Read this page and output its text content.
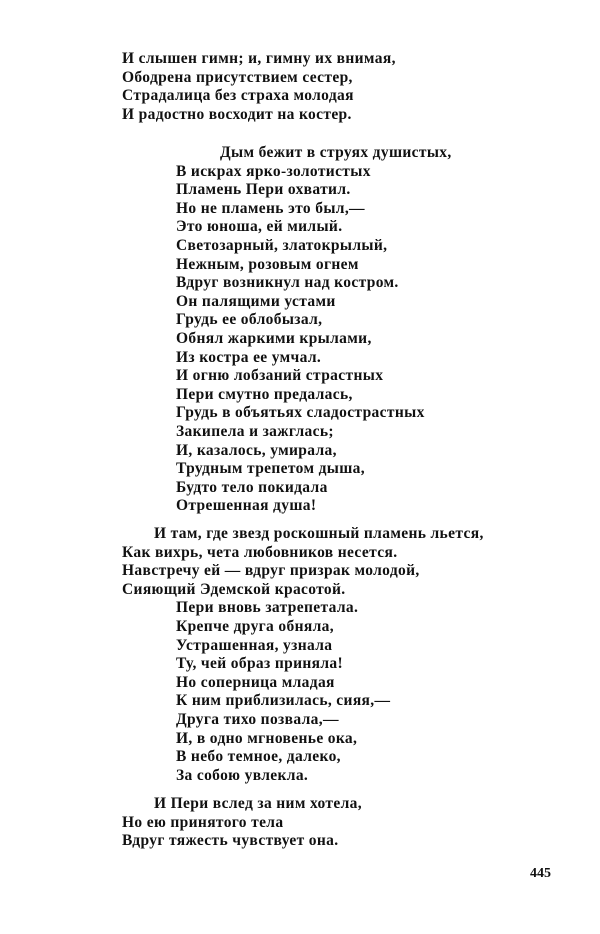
И слышен гимн; и, гимну их внимая,
Ободрена присутствием сестер,
Страдалица без страха молодая
И радостно восходит на костер.
Дым бежит в струях душистых,
В искрах ярко-золотистых
Пламень Пери охватил.
Но не пламень это был,—
Это юноша, ей милый.
Светозарный, златокрылый,
Нежным, розовым огнем
Вдруг возникнул над костром.
Он палящими устами
Грудь ее облобызал,
Обнял жаркими крылами,
Из костра ее умчал.
И огню лобзаний страстных
Пери смутно предалась,
Грудь в объятьях сладострастных
Закипела и зажглась;
И, казалось, умирала,
Трудным трепетом дыша,
Будто тело покидала
Отрешенная душа!
И там, где звезд роскошный пламень льется,
Как вихрь, чета любовников несется.
Навстречу ей — вдруг призрак молодой,
Сияющий Эдемской красотой.
Пери вновь затрепетала.
Крепче друга обняла,
Устрашенная, узнала
Ту, чей образ приняла!
Но соперница младая
К ним приблизилась, сияя,—
Друга тихо позвала,—
И, в одно мгновенье ока,
В небо темное, далеко,
За собою увлекла.
И Пери вслед за ним хотела,
Но ею принятого тела
Вдруг тяжесть чувствует она.
445
